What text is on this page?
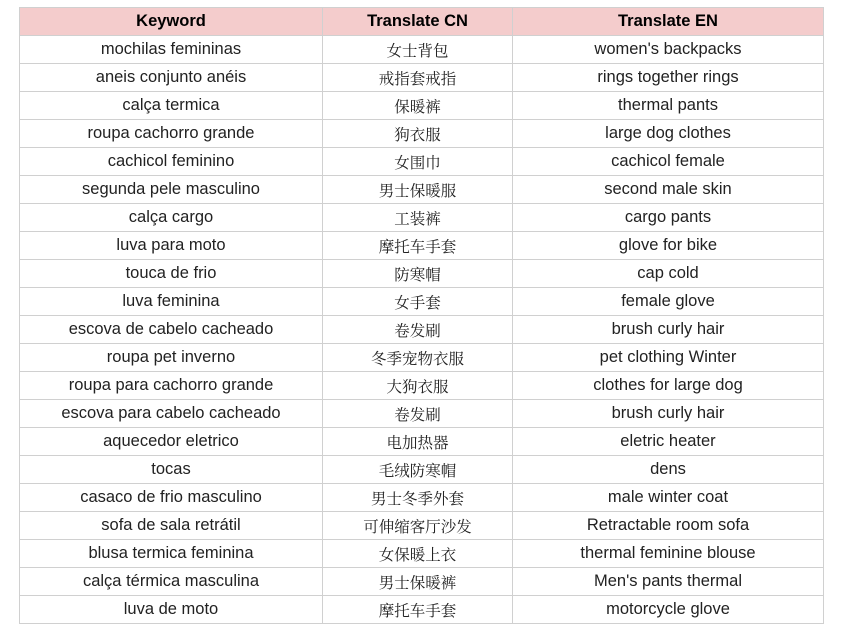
Keyword	Translate CN	Translate EN
mochilas femininas	女士背包	women's backpacks
aneis conjunto anéis	戒指套戒指	rings together rings
calça termica	保暖裤	thermal pants
roupa cachorro grande	狗衣服	large dog clothes
cachicol feminino	女围巾	cachicol female
segunda pele masculino	男士保暖服	second male skin
calça cargo	工装裤	cargo pants
luva para moto	摩托车手套	glove for bike
touca de frio	防寒帽	cap cold
luva feminina	女手套	female glove
escova de cabelo cacheado	卷发刷	brush curly hair
roupa pet inverno	冬季宠物衣服	pet clothing Winter
roupa para cachorro grande	大狗衣服	clothes for large dog
escova para cabelo cacheado	卷发刷	brush curly hair
aquecedor eletrico	电加热器	eletric heater
tocas	毛绒防寒帽	dens
casaco de frio masculino	男士冬季外套	male winter coat
sofa de sala retrátil	可伸缩客厅沙发	Retractable room sofa
blusa termica feminina	女保暖上衣	thermal feminine blouse
calça térmica masculina	男士保暖裤	Men's pants thermal
luva de moto	摩托车手套	motorcycle glove
